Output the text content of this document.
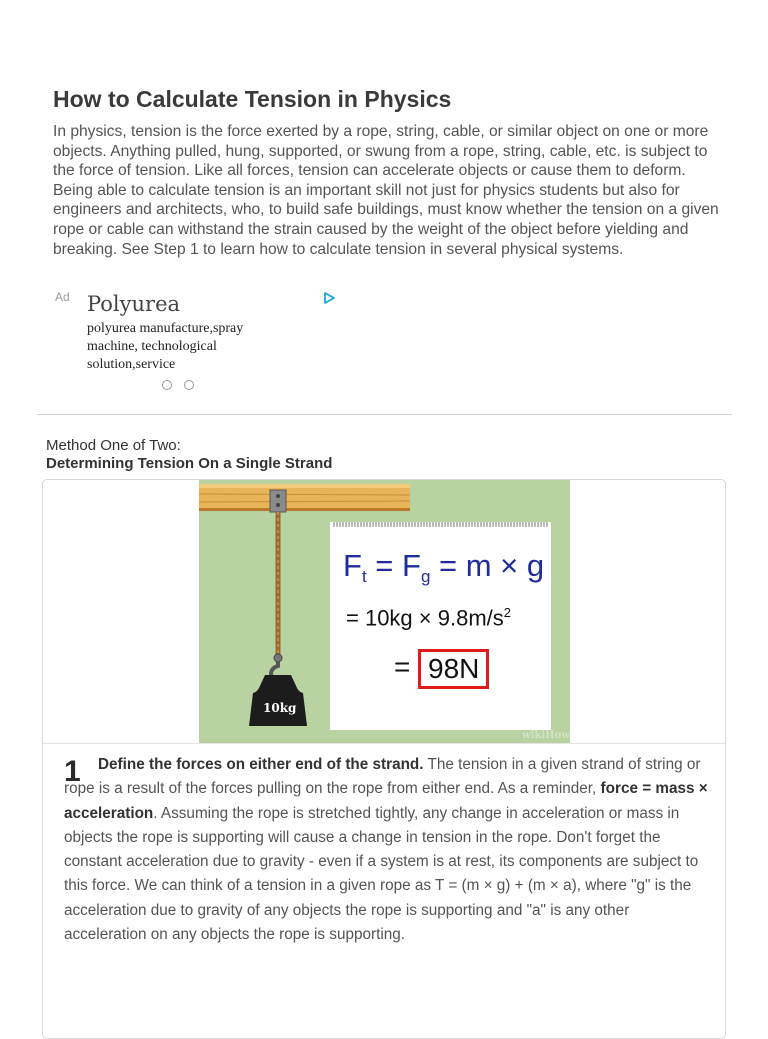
How to Calculate Tension in Physics

In physics, tension is the force exerted by a rope, string, cable, or similar object on one or more objects. Anything pulled, hung, supported, or swung from a rope, string, cable, etc. is subject to the force of tension. Like all forces, tension can accelerate objects or cause them to deform. Being able to calculate tension is an important skill not just for physics students but also for engineers and architects, who, to build safe buildings, must know whether the tension on a given rope or cable can withstand the strain caused by the weight of the object before yielding and breaking. See Step 1 to learn how to calculate tension in several physical systems.

Ad Polyurea
polyurea manufacture,spray machine, technological solution,service
Method One of Two:
Determining Tension On a Single Strand
$F_t = F_g = m \times g$
= $10kg \times 9.8m/s^2$
= 98N
10kg
wikiHow
1	Define the forces on either end of the strand. The tension in a given strand of string or rope is a result of the forces pulling on the rope from either end. As a reminder, force = mass × acceleration. Assuming the rope is stretched tightly, any change in acceleration or mass in objects the rope is supporting will cause a change in tension in the rope. Don't forget the constant acceleration due to gravity - even if a system is at rest, its components are subject to this force. We can think of a tension in a given rope as T = (m × g) + (m × a), where "g" is the acceleration due to gravity of any objects the rope is supporting and "a" is any other acceleration on any objects the rope is supporting.
